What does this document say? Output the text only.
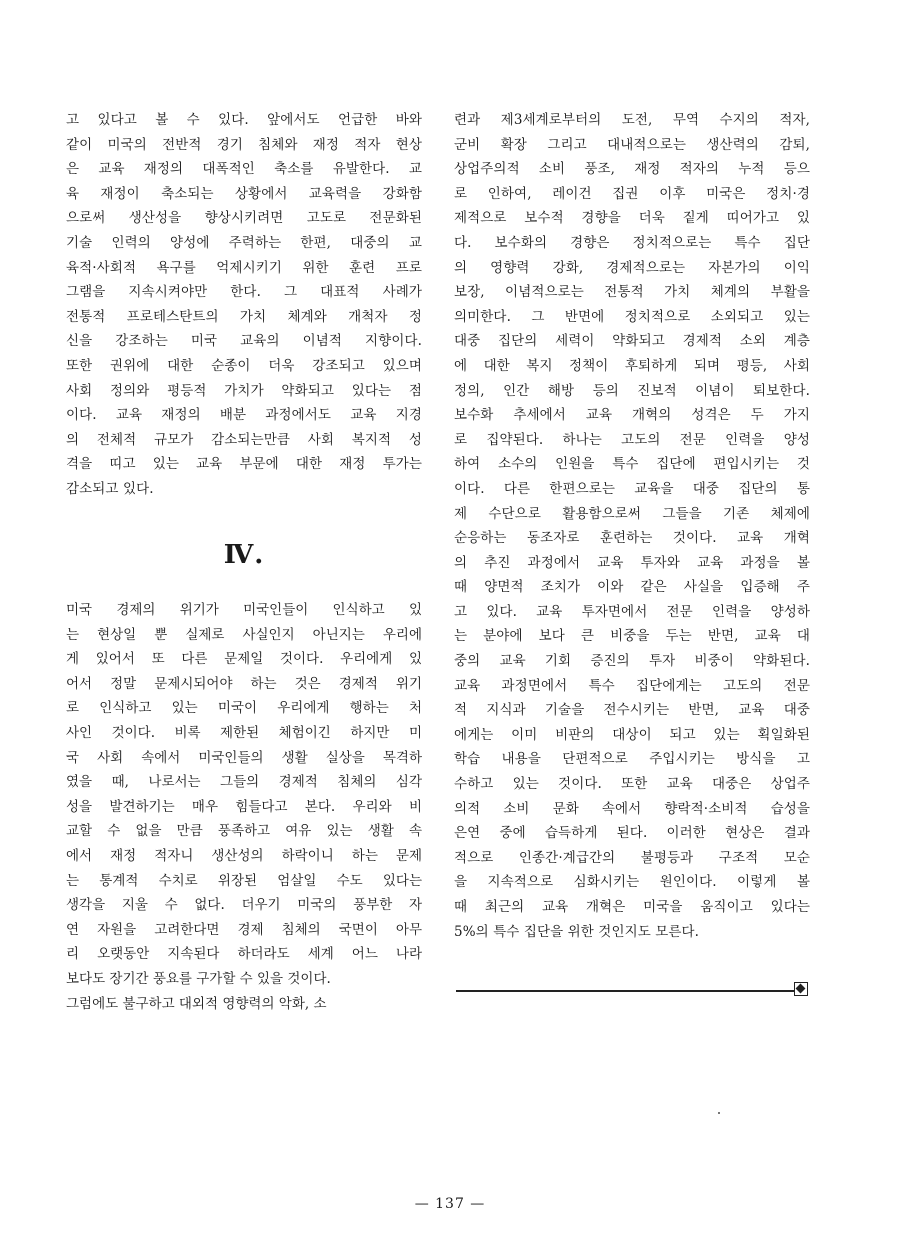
고 있다고 볼 수 있다. 앞에서도 언급한 바와
같이 미국의 전반적 경기 침체와 재정 적자 현상
은 교육 재정의 대폭적인 축소를 유발한다. 교
육 재정이 축소되는 상황에서 교육력을 강화함
으로써 생산성을 향상시키려면 고도로 전문화된
기술 인력의 양성에 주력하는 한편, 대중의 교
육적·사회적 욕구를 억제시키기 위한 훈련 프로
그램을 지속시켜야만 한다. 그 대표적 사례가
전통적 프로테스탄트의 가치 체계와 개척자 정
신을 강조하는 미국 교육의 이념적 지향이다.
또한 권위에 대한 순종이 더욱 강조되고 있으며
사회 정의와 평등적 가치가 약화되고 있다는 점
이다. 교육 재정의 배분 과정에서도 교육 지경
의 전체적 규모가 감소되는만큼 사회 복지적 성
격을 띠고 있는 교육 부문에 대한 재정 투가는
감소되고 있다.
Ⅳ.
미국 경제의 위기가 미국인들이 인식하고 있
는 현상일 뿐 실제로 사실인지 아닌지는 우리에
게 있어서 또 다른 문제일 것이다. 우리에게 있
어서 정말 문제시되어야 하는 것은 경제적 위기
로 인식하고 있는 미국이 우리에게 행하는 처
사인 것이다. 비록 제한된 체험이긴 하지만 미
국 사회 속에서 미국인들의 생활 실상을 목격하
였을 때, 나로서는 그들의 경제적 침체의 심각
성을 발견하기는 매우 힘들다고 본다. 우리와 비
교할 수 없을 만큼 풍족하고 여유 있는 생활 속
에서 재정 적자니 생산성의 하락이니 하는 문제
는 통계적 수치로 위장된 엄살일 수도 있다는
생각을 지울 수 없다. 더우기 미국의 풍부한 자
연 자원을 고려한다면 경제 침체의 국면이 아무
리 오랫동안 지속된다 하더라도 세계 어느 나라
보다도 장기간 풍요를 구가할 수 있을 것이다.
그럼에도 불구하고 대외적 영향력의 악화, 소
련과 제3세계로부터의 도전, 무역 수지의 적자,
군비 확장 그리고 대내적으로는 생산력의 감퇴,
상업주의적 소비 풍조, 재정 적자의 누적 등으
로 인하여, 레이건 집권 이후 미국은 정치·경
제적으로 보수적 경향을 더욱 짙게 띠어가고 있
다. 보수화의 경향은 정치적으로는 특수 집단
의 영향력 강화, 경제적으로는 자본가의 이익
보장, 이념적으로는 전통적 가치 체계의 부활을
의미한다. 그 반면에 정치적으로 소외되고 있는
대중 집단의 세력이 약화되고 경제적 소외 계층
에 대한 복지 정책이 후퇴하게 되며 평등, 사회
정의, 인간 해방 등의 진보적 이념이 퇴보한다.
보수화 추세에서 교육 개혁의 성격은 두 가지
로 집약된다. 하나는 고도의 전문 인력을 양성
하여 소수의 인원을 특수 집단에 편입시키는 것
이다. 다른 한편으로는 교육을 대중 집단의 통
제 수단으로 활용함으로써 그들을 기존 체제에
순응하는 동조자로 훈련하는 것이다. 교육 개혁
의 추진 과정에서 교육 투자와 교육 과정을 볼
때 양면적 조치가 이와 같은 사실을 입증해 주
고 있다. 교육 투자면에서 전문 인력을 양성하
는 분야에 보다 큰 비중을 두는 반면, 교육 대
중의 교육 기회 증진의 투자 비중이 약화된다.
교육 과정면에서 특수 집단에게는 고도의 전문
적 지식과 기술을 전수시키는 반면, 교육 대중
에게는 이미 비판의 대상이 되고 있는 획일화된
학습 내용을 단편적으로 주입시키는 방식을 고
수하고 있는 것이다. 또한 교육 대중은 상업주
의적 소비 문화 속에서 향락적·소비적 습성을
은연 중에 습득하게 된다. 이러한 현상은 결과
적으로 인종간·계급간의 불평등과 구조적 모순
을 지속적으로 심화시키는 원인이다. 이렇게 볼
때 최근의 교육 개혁은 미국을 움직이고 있다는
5%의 특수 집단을 위한 것인지도 모른다.
— 137 —
